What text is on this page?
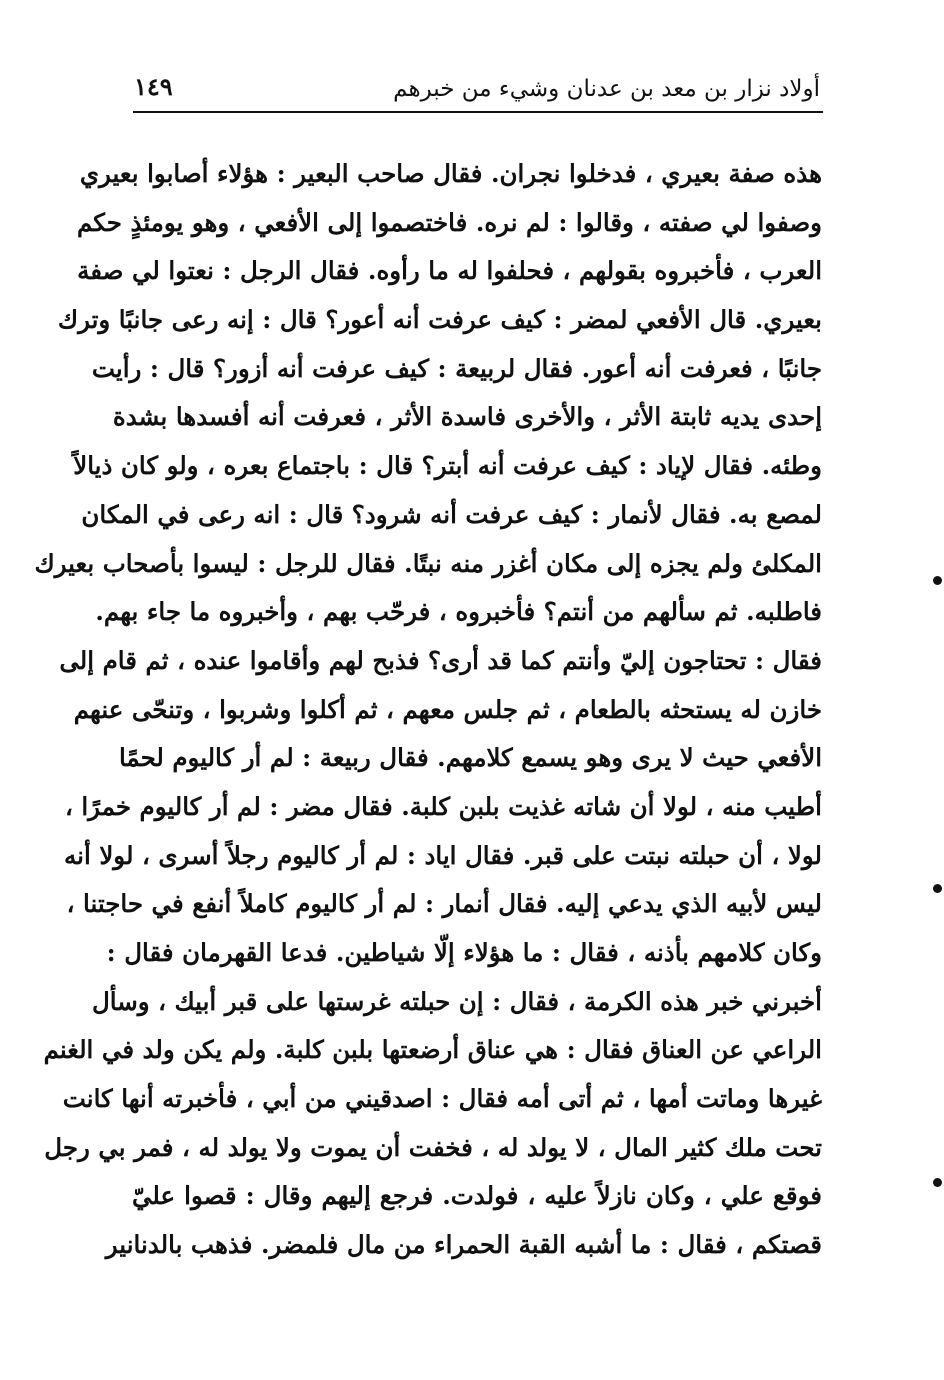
أولاد نزار بن معد بن عدنان وشيء من خبرهم
١٤٩
هذه صفة بعيري ، فدخلوا نجران. فقال صاحب البعير : هؤلاء أصابوا بعيري
وصفوا لي صفته ، وقالوا : لم نره. فاختصموا إلى الأفعي ، وهو يومئذٍ حكم
العرب ، فأخبروه بقولهم ، فحلفوا له ما رأوه. فقال الرجل : نعتوا لي صفة
بعيري. قال الأفعي لمضر : كيف عرفت أنه أعور؟ قال : إنه رعى جانبًا وترك
جانبًا ، فعرفت أنه أعور. فقال لربيعة : كيف عرفت أنه أزور؟ قال : رأيت
إحدى يديه ثابتة الأثر ، والأخرى فاسدة الأثر ، فعرفت أنه أفسدها بشدة
وطئه. فقال لإياد : كيف عرفت أنه أبتر؟ قال : باجتماع بعره ، ولو كان ذيالاً
لمصع به. فقال لأنمار : كيف عرفت أنه شرود؟ قال : انه رعى في المكان
المكلئ ولم يجزه إلى مكان أغزر منه نبتًا. فقال للرجل : ليسوا بأصحاب بعيرك
فاطلبه. ثم سألهم من أنتم؟ فأخبروه ، فرحّب بهم ، وأخبروه ما جاء بهم.
فقال : تحتاجون إليّ وأنتم كما قد أرى؟ فذبح لهم وأقاموا عنده ، ثم قام إلى
خازن له يستحثه بالطعام ، ثم جلس معهم ، ثم أكلوا وشربوا ، وتنحّى عنهم
الأفعي حيث لا يرى وهو يسمع كلامهم. فقال ربيعة : لم أر كاليوم لحمًا
أطيب منه ، لولا أن شاته غذيت بلبن كلبة. فقال مضر : لم أر كاليوم خمرًا ،
لولا ، أن حبلته نبتت على قبر. فقال اياد : لم أر كاليوم رجلاً أسرى ، لولا أنه
ليس لأبيه الذي يدعي إليه. فقال أنمار : لم أر كاليوم كاملاً أنفع في حاجتنا ،
وكان كلامهم بأذنه ، فقال : ما هؤلاء إلّا شياطين. فدعا القهرمان فقال :
أخبرني خبر هذه الكرمة ، فقال : إن حبلته غرستها على قبر أبيك ، وسأل
الراعي عن العناق فقال : هي عناق أرضعتها بلبن كلبة. ولم يكن ولد في الغنم
غيرها وماتت أمها ، ثم أتى أمه فقال : اصدقيني من أبي ، فأخبرته أنها كانت
تحت ملك كثير المال ، لا يولد له ، فخفت أن يموت ولا يولد له ، فمر بي رجل
فوقع علي ، وكان نازلاً عليه ، فولدت. فرجع إليهم وقال : قصوا عليّ
قصتكم ، فقال : ما أشبه القبة الحمراء من مال فلمضر. فذهب بالدنانير
